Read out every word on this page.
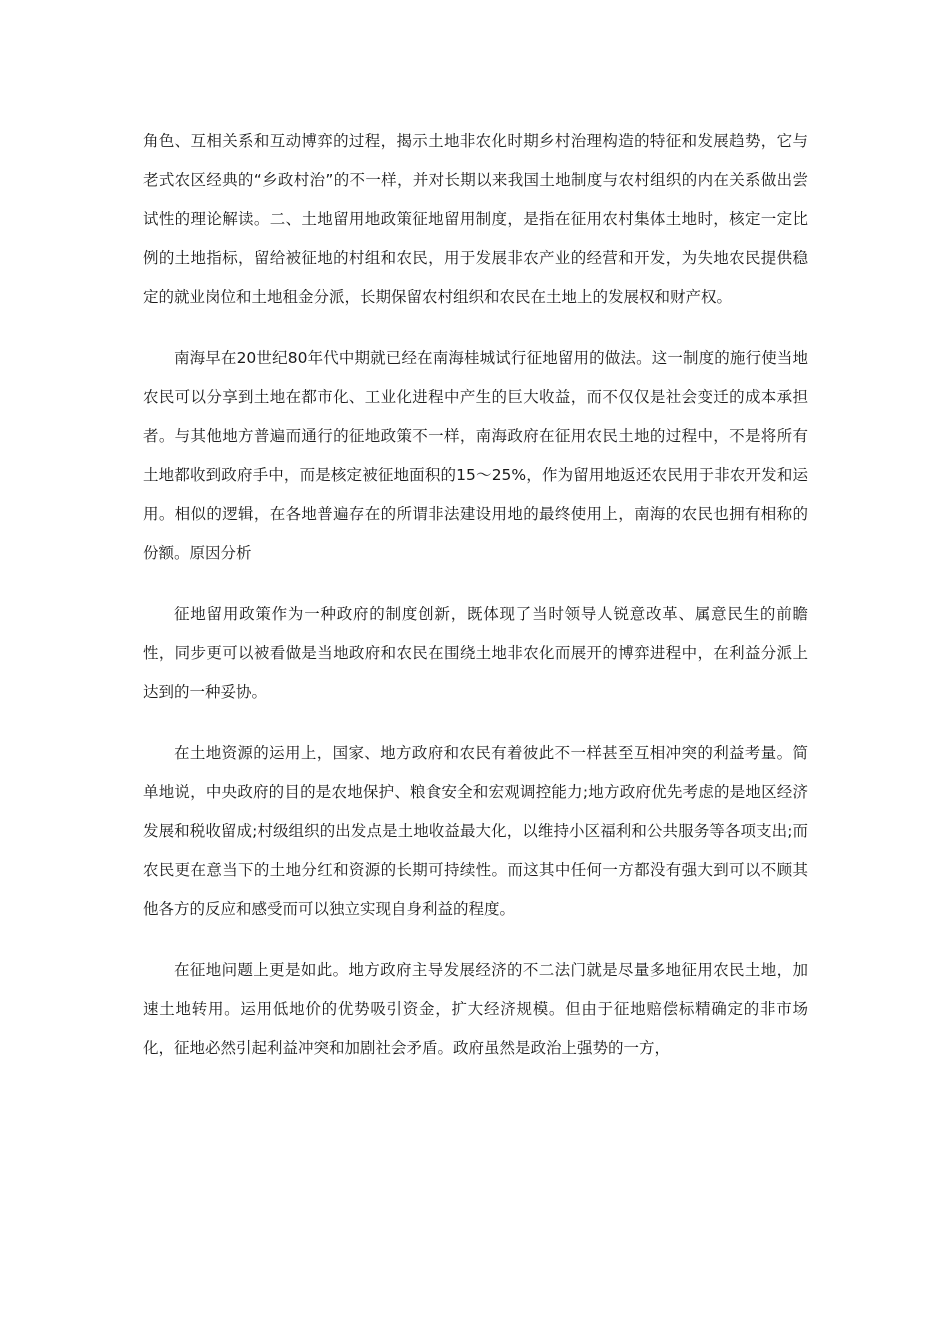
角色、互相关系和互动博弈的过程，揭示土地非农化时期乡村治理构造的特征和发展趋势，它与老式农区经典的“乡政村治”的不一样，并对长期以来我国土地制度与农村组织的内在关系做出尝试性的理论解读。二、土地留用地政策征地留用制度，是指在征用农村集体土地时，核定一定比例的土地指标，留给被征地的村组和农民，用于发展非农产业的经营和开发，为失地农民提供稳定的就业岗位和土地租金分派，长期保留农村组织和农民在土地上的发展权和财产权。

南海早在20世纪80年代中期就已经在南海桂城试行征地留用的做法。这一制度的施行使当地农民可以分享到土地在都市化、工业化进程中产生的巨大收益，而不仅仅是社会变迁的成本承担者。与其他地方普遍而通行的征地政策不一样，南海政府在征用农民土地的过程中，不是将所有土地都收到政府手中，而是核定被征地面积的15～25%，作为留用地返还农民用于非农开发和运用。相似的逻辑，在各地普遍存在的所谓非法建设用地的最终使用上，南海的农民也拥有相称的份额。原因分析

征地留用政策作为一种政府的制度创新，既体现了当时领导人锐意改革、属意民生的前瞻性，同步更可以被看做是当地政府和农民在围绕土地非农化而展开的博弈进程中，在利益分派上达到的一种妥协。

在土地资源的运用上，国家、地方政府和农民有着彼此不一样甚至互相冲突的利益考量。简单地说，中央政府的目的是农地保护、粮食安全和宏观调控能力;地方政府优先考虑的是地区经济发展和税收留成;村级组织的出发点是土地收益最大化，以维持小区福利和公共服务等各项支出;而农民更在意当下的土地分红和资源的长期可持续性。而这其中任何一方都没有强大到可以不顾其他各方的反应和感受而可以独立实现自身利益的程度。

在征地问题上更是如此。地方政府主导发展经济的不二法门就是尽量多地征用农民土地，加速土地转用。运用低地价的优势吸引资金，扩大经济规模。但由于征地赔偿标精确定的非市场化，征地必然引起利益冲突和加剧社会矛盾。政府虽然是政治上强势的一方，
